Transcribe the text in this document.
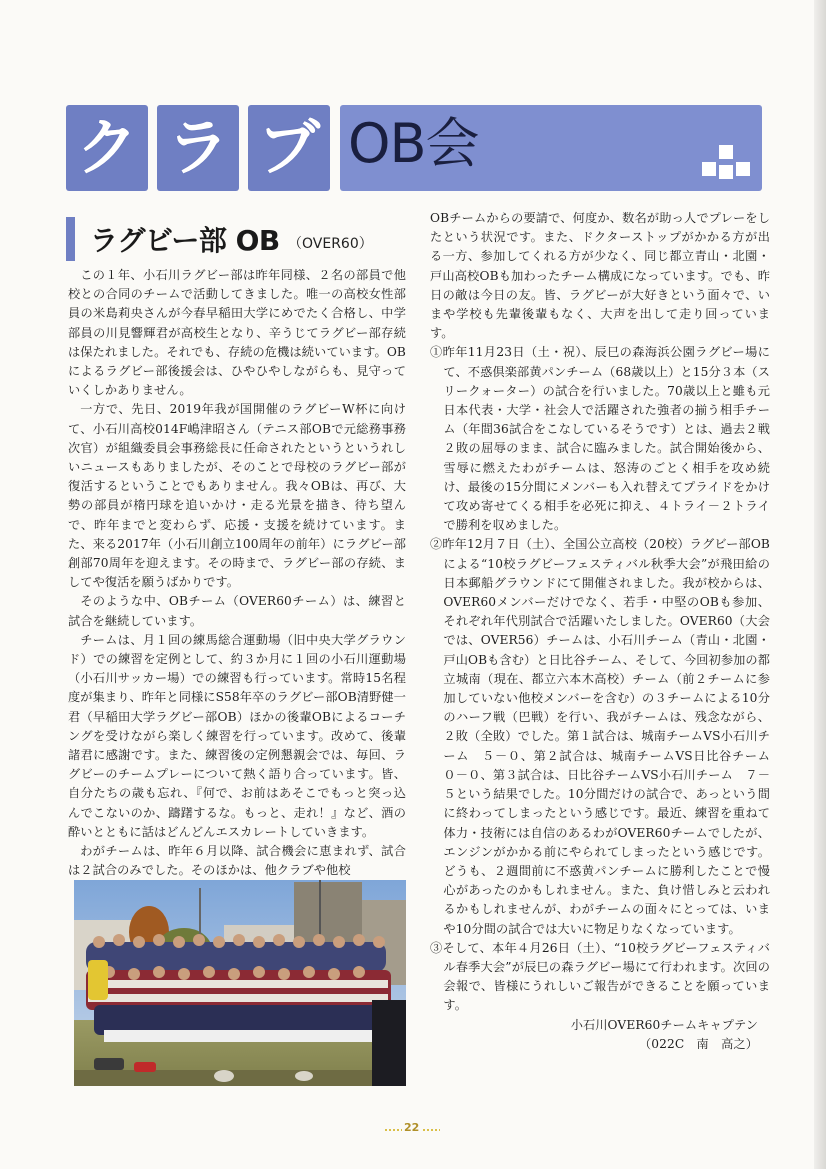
ク ラ ブ OB会
ラグビー部 OB （OVER60）

この１年、小石川ラグビー部は昨年同様、２名の部員で他校との合同のチームで活動してきました。唯一の高校女性部員の米島莉央さんが今春早稲田大学にめでたく合格し、中学部員の川見響輝君が高校生となり、辛うじてラグビー部存続は保たれました。それでも、存続の危機は続いています。OBによるラグビー部後援会は、ひやひやしながらも、見守っていくしかありません。

一方で、先日、2019年我が国開催のラグビーW杯に向けて、小石川高校014F嶋津昭さん（テニス部OBで元総務事務次官）が組織委員会事務総長に任命されたというというれしいニュースもありましたが、そのことで母校のラグビー部が復活するということでもありません。我々OBは、再び、大勢の部員が楕円球を追いかけ・走る光景を描き、待ち望んで、昨年までと変わらず、応援・支援を続けています。また、来る2017年（小石川創立100周年の前年）にラグビー部創部70周年を迎えます。その時まで、ラグビー部の存続、ましてや復活を願うばかりです。

そのような中、OBチーム（OVER60チーム）は、練習と試合を継続しています。

チームは、月１回の練馬総合運動場（旧中央大学グラウンド）での練習を定例として、約３か月に１回の小石川運動場（小石川サッカー場）での練習も行っています。常時15名程度が集まり、昨年と同様にS58年卒のラグビー部OB清野健一君（早稲田大学ラグビー部OB）ほかの後輩OBによるコーチングを受けながら楽しく練習を行っています。改めて、後輩諸君に感謝です。また、練習後の定例懇親会では、毎回、ラグビーのチームプレーについて熱く語り合っています。皆、自分たちの歳も忘れ、『何で、お前はあそこでもっと突っ込んでこないのか、躊躇するな。もっと、走れ！』など、酒の酔いとともに話はどんどんエスカレートしていきます。

わがチームは、昨年６月以降、試合機会に恵まれず、試合は２試合のみでした。そのほかは、他クラブや他校

OBチームからの要請で、何度か、数名が助っ人でプレーをしたという状況です。また、ドクターストップがかかる方が出る一方、参加してくれる方が少なく、同じ都立青山・北園・戸山高校OBも加わったチーム構成になっています。でも、昨日の敵は今日の友。皆、ラグビーが大好きという面々で、いまや学校も先輩後輩もなく、大声を出して走り回っています。

①昨年11月23日（土・祝）、辰巳の森海浜公園ラグビー場にて、不惑倶楽部黄パンチーム（68歳以上）と15分３本（スリークォーター）の試合を行いました。70歳以上と雖も元日本代表・大学・社会人で活躍された強者の揃う相手チーム（年間36試合をこなしているそうです）とは、過去２戦２敗の屈辱のまま、試合に臨みました。試合開始後から、雪辱に燃えたわがチームは、怒涛のごとく相手を攻め続け、最後の15分間にメンバーも入れ替えてプライドをかけて攻め寄せてくる相手を必死に抑え、４トライ－２トライで勝利を収めました。

②昨年12月７日（土）、全国公立高校（20校）ラグビー部OBによる“10校ラグビーフェスティバル秋季大会”が飛田給の日本郵船グラウンドにて開催されました。我が校からは、OVER60メンバーだけでなく、若手・中堅のOBも参加、それぞれ年代別試合で活躍いたしました。OVER60（大会では、OVER56）チームは、小石川チーム（青山・北園・戸山OBも含む）と日比谷チーム、そして、今回初参加の都立城南（現在、都立六本木高校）チーム（前２チームに参加していない他校メンバーを含む）の３チームによる10分のハーフ戦（巴戦）を行い、我がチームは、残念ながら、２敗（全敗）でした。第１試合は、城南チームVS小石川チーム　５－０、第２試合は、城南チームVS日比谷チーム　０－０、第３試合は、日比谷チームVS小石川チーム　７－５という結果でした。10分間だけの試合で、あっという間に終わってしまったという感じです。最近、練習を重ねて体力・技術には自信のあるわがOVER60チームでしたが、エンジンがかかる前にやられてしまったという感じです。どうも、２週間前に不惑黄パンチームに勝利したことで慢心があったのかもしれません。また、負け惜しみと云われるかもしれませんが、わがチームの面々にとっては、いまや10分間の試合では大いに物足りなくなっています。

③そして、本年４月26日（土）、“10校ラグビーフェスティバル春季大会”が辰巳の森ラグビー場にて行われます。次回の会報で、皆様にうれしいご報告ができることを願っています。

小石川OVER60チームキャプテン

（022C　南　高之）

22
